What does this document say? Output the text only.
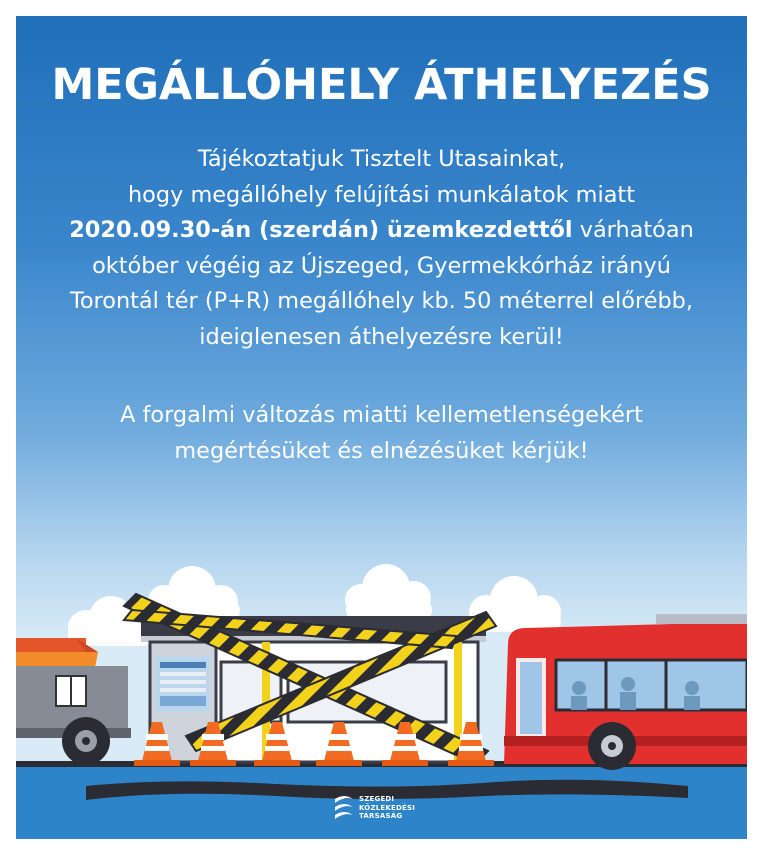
MEGÁLLÓHELY ÁTHELYEZÉS

Tájékoztatjuk Tisztelt Utasainkat,

hogy megállóhely felújítási munkálatok miatt

2020.09.30-án (szerdán) üzemkezdettől várhatóan

október végéig az Újszeged, Gyermekkórház irányú

Torontál tér (P+R) megállóhely kb. 50 méterrel előrébb,

ideiglenesen áthelyezésre kerül!

A forgalmi változás miatti kellemetlenségekért

megértésüket és elnézésüket kérjük!

SZEGEDI
KÖZLEKEDÉSI
TÁRSASÁG
